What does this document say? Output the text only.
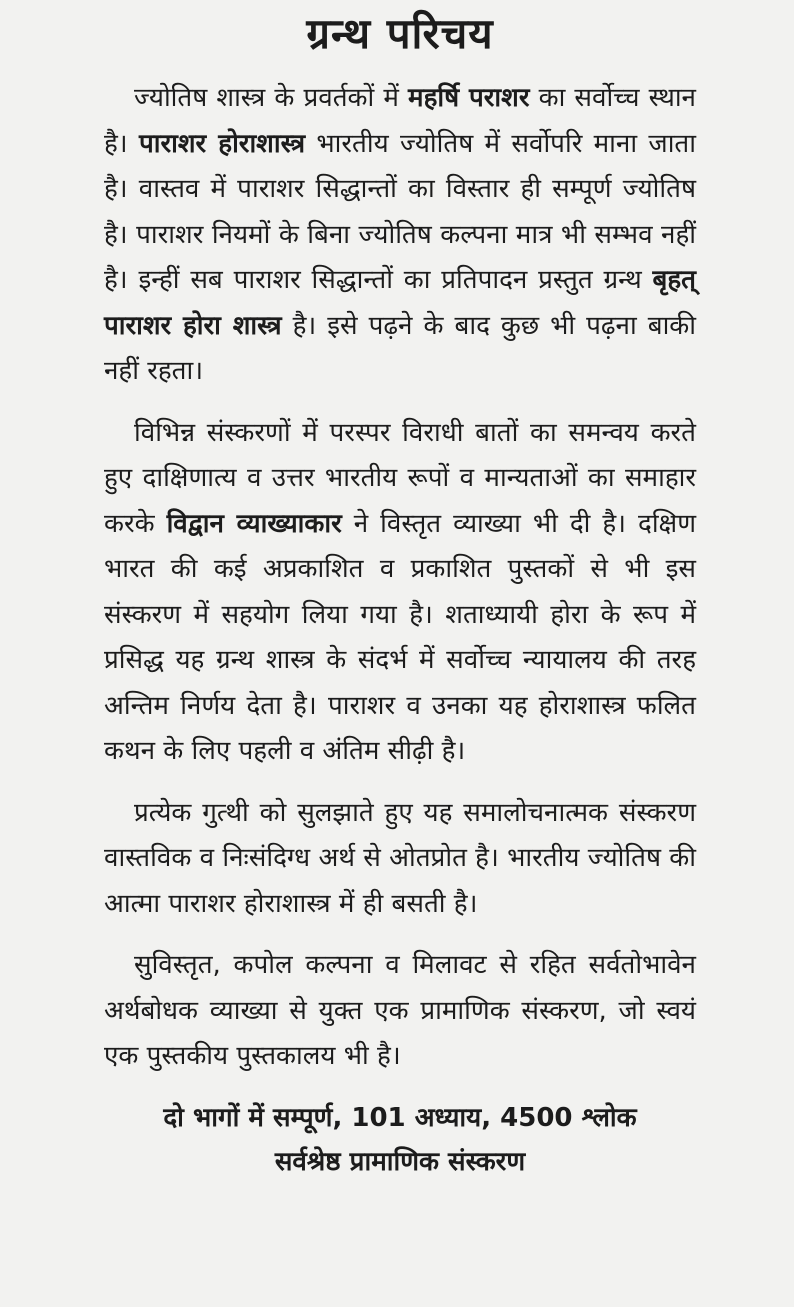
ग्रन्थ परिचय

ज्योतिष शास्त्र के प्रवर्तकों में महर्षि पराशर का सर्वोच्च स्थान है। पाराशर होराशास्त्र भारतीय ज्योतिष में सर्वोपरि माना जाता है। वास्तव में पाराशर सिद्धान्तों का विस्तार ही सम्पूर्ण ज्योतिष है। पाराशर नियमों के बिना ज्योतिष कल्पना मात्र भी सम्भव नहीं है। इन्हीं सब पाराशर सिद्धान्तों का प्रतिपादन प्रस्तुत ग्रन्थ बृहत् पाराशर होरा शास्त्र है। इसे पढ़ने के बाद कुछ भी पढ़ना बाकी नहीं रहता।

विभिन्न संस्करणों में परस्पर विराधी बातों का समन्वय करते हुए दाक्षिणात्य व उत्तर भारतीय रूपों व मान्यताओं का समाहार करके विद्वान व्याख्याकार ने विस्तृत व्याख्या भी दी है। दक्षिण भारत की कई अप्रकाशित व प्रकाशित पुस्तकों से भी इस संस्करण में सहयोग लिया गया है। शताध्यायी होरा के रूप में प्रसिद्ध यह ग्रन्थ शास्त्र के संदर्भ में सर्वोच्च न्यायालय की तरह अन्तिम निर्णय देता है। पाराशर व उनका यह होराशास्त्र फलित कथन के लिए पहली व अंतिम सीढ़ी है।

प्रत्येक गुत्थी को सुलझाते हुए यह समालोचनात्मक संस्करण वास्तविक व निःसंदिग्ध अर्थ से ओतप्रोत है। भारतीय ज्योतिष की आत्मा पाराशर होराशास्त्र में ही बसती है।

सुविस्तृत, कपोल कल्पना व मिलावट से रहित सर्वतोभावेन अर्थबोधक व्याख्या से युक्त एक प्रामाणिक संस्करण, जो स्वयं एक पुस्तकीय पुस्तकालय भी है।

दो भागों में सम्पूर्ण, 101 अध्याय, 4500 श्लोक

सर्वश्रेष्ठ प्रामाणिक संस्करण
